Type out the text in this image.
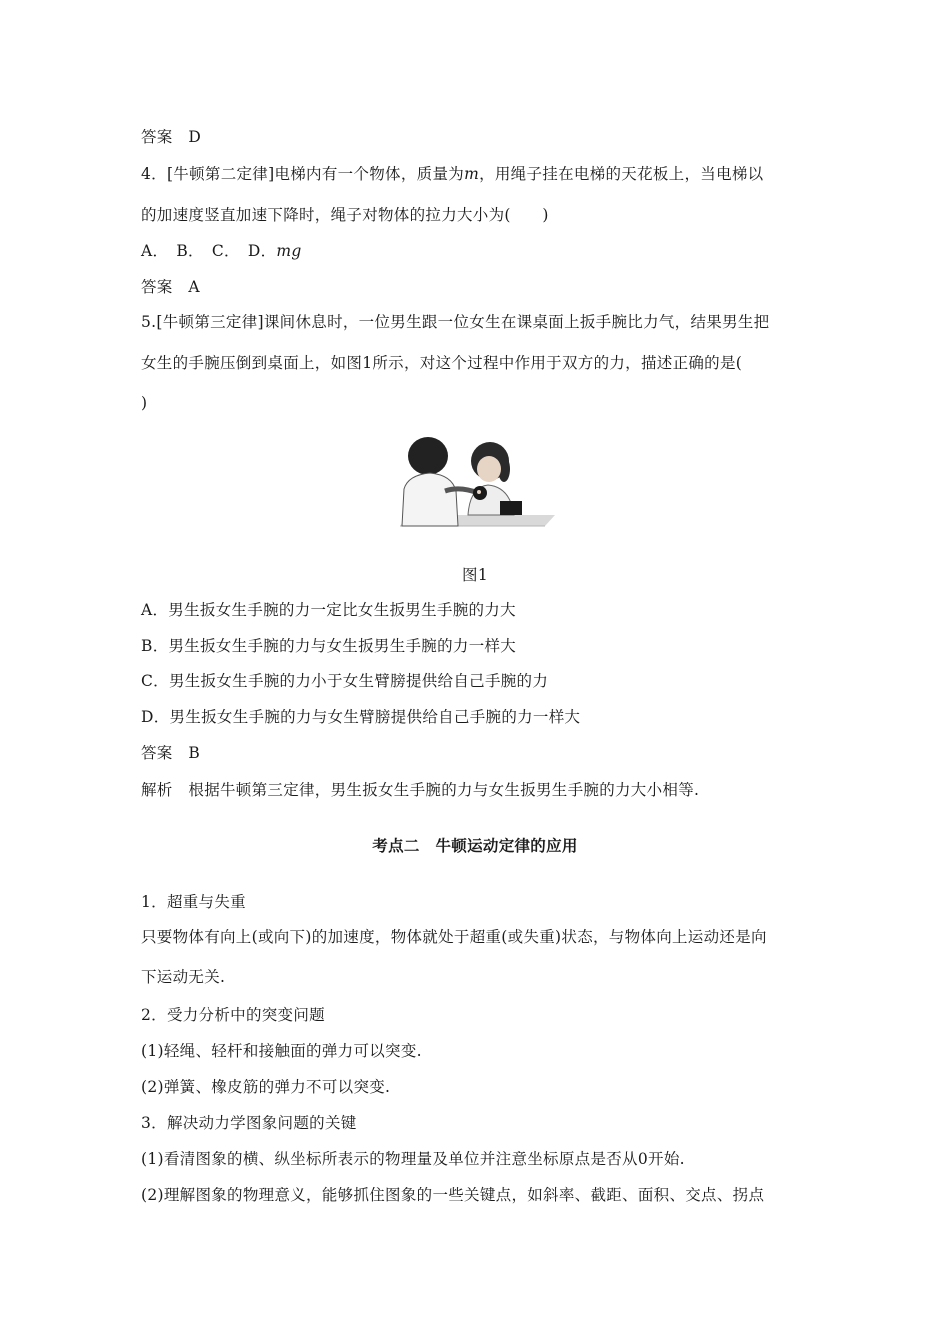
答案　D
4．[牛顿第二定律]电梯内有一个物体，质量为m，用绳子挂在电梯的天花板上，当电梯以
的加速度竖直加速下降时，绳子对物体的拉力大小为(　　)
A．　B．　C．　D．mg
答案　A
5.[牛顿第三定律]课间休息时，一位男生跟一位女生在课桌面上扳手腕比力气，结果男生把
女生的手腕压倒到桌面上，如图1所示，对这个过程中作用于双方的力，描述正确的是(
)
图1
A．男生扳女生手腕的力一定比女生扳男生手腕的力大
B．男生扳女生手腕的力与女生扳男生手腕的力一样大
C．男生扳女生手腕的力小于女生臂膀提供给自己手腕的力
D．男生扳女生手腕的力与女生臂膀提供给自己手腕的力一样大
答案　B
解析　根据牛顿第三定律，男生扳女生手腕的力与女生扳男生手腕的力大小相等.
考点二　牛顿运动定律的应用
1．超重与失重
只要物体有向上(或向下)的加速度，物体就处于超重(或失重)状态，与物体向上运动还是向
下运动无关.
2．受力分析中的突变问题
(1)轻绳、轻杆和接触面的弹力可以突变.
(2)弹簧、橡皮筋的弹力不可以突变.
3．解决动力学图象问题的关键
(1)看清图象的横、纵坐标所表示的物理量及单位并注意坐标原点是否从0开始.
(2)理解图象的物理意义，能够抓住图象的一些关键点，如斜率、截距、面积、交点、拐点
